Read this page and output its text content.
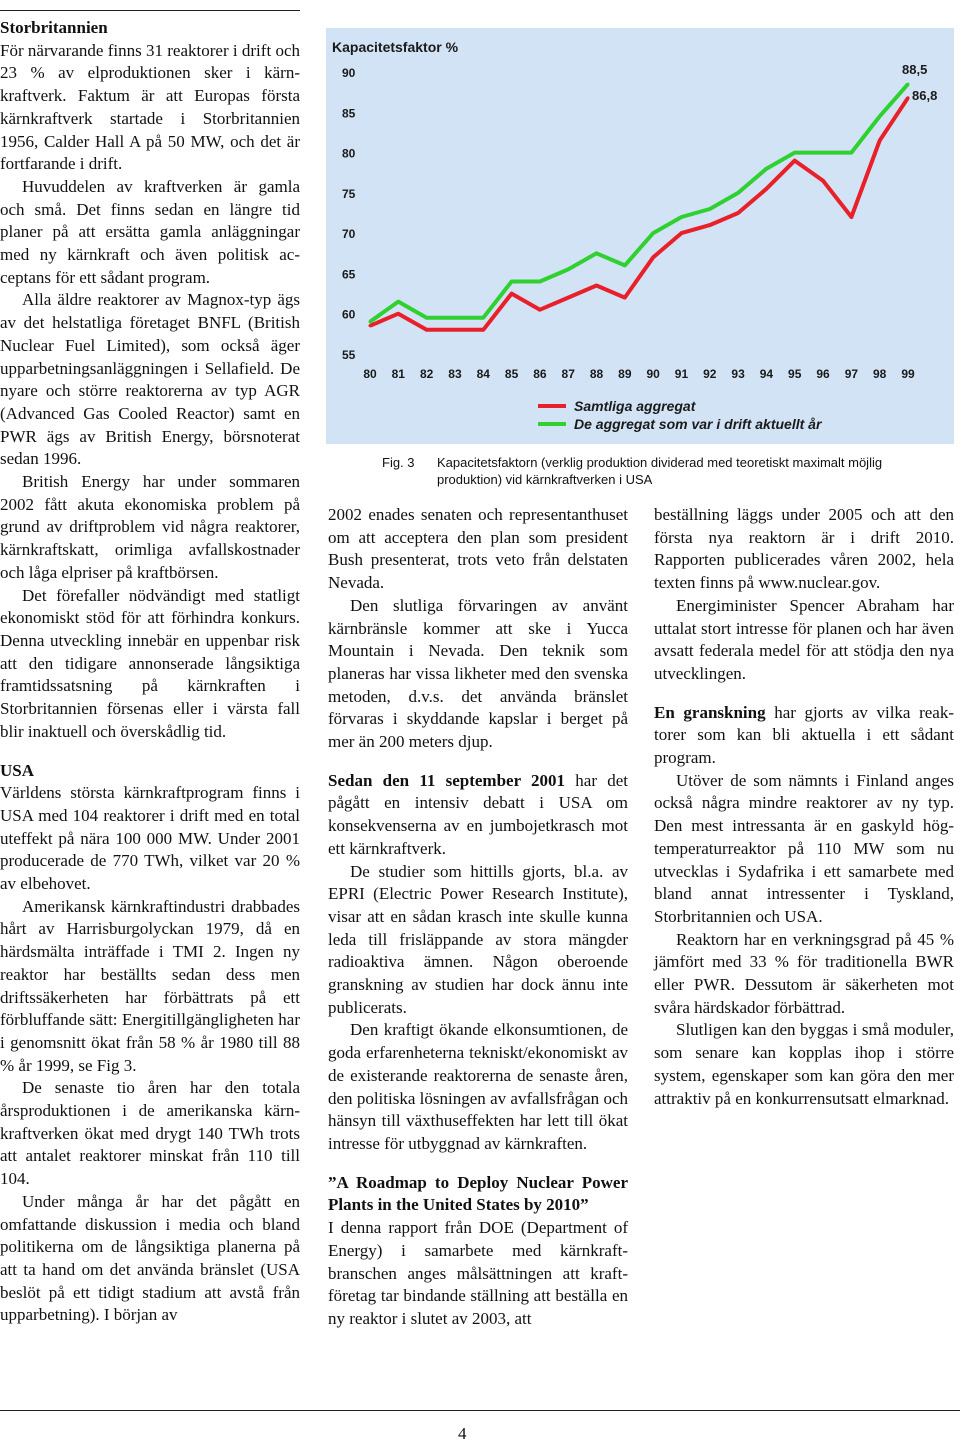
Storbritannien

För närvarande finns 31 reaktorer i drift och 23 % av elproduktionen sker i kärnkraftverk. Faktum är att Europas första kärnkraftverk startade i Storbritannien 1956, Calder Hall A på 50 MW, och det är fortfarande i drift.

Huvuddelen av kraftverken är gamla och små. Det finns sedan en längre tid planer på att ersätta gamla anläggningar med ny kärnkraft och även politisk acceptans för ett sådant program.

Alla äldre reaktorer av Magnox-typ ägs av det helstatliga företaget BNFL (British Nuclear Fuel Limited), som också äger upparbetningsanläggningen i Sellafield. De nyare och större reaktorerna av typ AGR (Advanced Gas Cooled Reactor) samt en PWR ägs av British Energy, börsnoterat sedan 1996.

British Energy har under sommaren 2002 fått akuta ekonomiska problem på grund av driftproblem vid några reaktorer, kärnkraftskatt, orimliga avfallskostnader och låga elpriser på kraftbörsen.

Det förefaller nödvändigt med statligt ekonomiskt stöd för att förhindra konkurs. Denna utveckling innebär en uppenbar risk att den tidigare annonserade långsiktiga framtidssatsning på kärnkraften i Storbritannien försenas eller i värsta fall blir inaktuell och överskådlig tid.

USA

Världens största kärnkraftprogram finns i USA med 104 reaktorer i drift med en total uteffekt på nära 100 000 MW. Under 2001 producerade de 770 TWh, vilket var 20 % av elbehovet.

Amerikansk kärnkraftindustri drabbades hårt av Harrisburgolyckan 1979, då en härdsmälta inträffade i TMI 2. Ingen ny reaktor har beställts sedan dess men driftssäkerheten har förbättrats på ett förbluffande sätt: Energitillgängligheten har i genomsnitt ökat från 58 % år 1980 till 88 % år 1999, se Fig 3.

De senaste tio åren har den totala årsproduktionen i de amerikanska kärnkraftverken ökat med drygt 140 TWh trots att antalet reaktorer minskat från 110 till 104.

Under många år har det pågått en omfattande diskussion i media och bland politikerna om de långsiktiga planerna på att ta hand om det använda bränslet (USA beslöt på ett tidigt stadium att avstå från upparbetning). I början av

Kapacitetsfaktor %
55
60
65
70
75
80
85
90
80 81 82 83 84 85 86 87 88 89 90 91 92 93 94 95 96 97 98 99
88,5
86,8
Samtliga aggregat
De aggregat som var i drift aktuellt år
Fig. 3 Kapacitetsfaktorn (verklig produktion dividerad med teoretiskt maximalt möjlig produktion) vid kärnkraftverken i USA

2002 enades senaten och representanthuset om att acceptera den plan som president Bush presenterat, trots veto från delstaten Nevada.

Den slutliga förvaringen av använt kärnbränsle kommer att ske i Yucca Mountain i Nevada. Den teknik som planeras har vissa likheter med den svenska metoden, d.v.s. det använda bränslet förvaras i skyddande kapslar i berget på mer än 200 meters djup.

Sedan den 11 september 2001 har det pågått en intensiv debatt i USA om konsekvenserna av en jumbojetkrasch mot ett kärnkraftverk.

De studier som hittills gjorts, bl.a. av EPRI (Electric Power Research Institute), visar att en sådan krasch inte skulle kunna leda till frisläppande av stora mängder radioaktiva ämnen. Någon oberoende granskning av studien har dock ännu inte publicerats.

Den kraftigt ökande elkonsumtionen, de goda erfarenheterna tekniskt/ekonomiskt av de existerande reaktorerna de senaste åren, den politiska lösningen av avfallsfrågan och hänsyn till växthuseffekten har lett till ökat intresse för utbyggnad av kärnkraften.

”A Roadmap to Deploy Nuclear Power Plants in the United States by 2010”

I denna rapport från DOE (Department of Energy) i samarbete med kärnkraftbranschen anges målsättningen att kraftföretag tar bindande ställning att beställa en ny reaktor i slutet av 2003, att

beställning läggs under 2005 och att den första nya reaktorn är i drift 2010. Rapporten publicerades våren 2002, hela texten finns på www.nuclear.gov.

Energiminister Spencer Abraham har uttalat stort intresse för planen och har även avsatt federala medel för att stödja den nya utvecklingen.

En granskning har gjorts av vilka reaktorer som kan bli aktuella i ett sådant program.

Utöver de som nämnts i Finland anges också några mindre reaktorer av ny typ. Den mest intressanta är en gaskyld högtemperaturreaktor på 110 MW som nu utvecklas i Sydafrika i ett samarbete med bland annat intressenter i Tyskland, Storbritannien och USA.

Reaktorn har en verkningsgrad på 45 % jämfört med 33 % för traditionella BWR eller PWR. Dessutom är säkerheten mot svåra härdskador förbättrad.

Slutligen kan den byggas i små moduler, som senare kan kopplas ihop i större system, egenskaper som kan göra den mer attraktiv på en konkurrensutsatt elmarknad.

4
